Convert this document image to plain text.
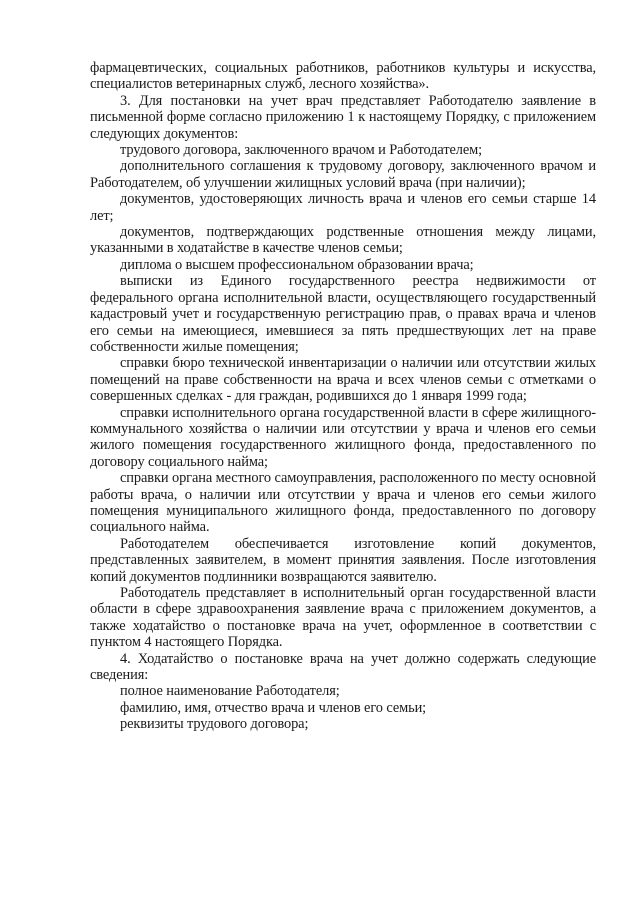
фармацевтических, социальных работников, работников культуры и искусства, специалистов ветеринарных служб, лесного хозяйства».

3. Для постановки на учет врач представляет Работодателю заявление в письменной форме согласно приложению 1 к настоящему Порядку, с приложением следующих документов:

трудового договора, заключенного врачом и Работодателем;

дополнительного соглашения к трудовому договору, заключенного врачом и Работодателем, об улучшении жилищных условий врача (при наличии);

документов, удостоверяющих личность врача и членов его семьи старше 14 лет;

документов, подтверждающих родственные отношения между лицами, указанными в ходатайстве в качестве членов семьи;

диплома о высшем профессиональном образовании врача;

выписки из Единого государственного реестра недвижимости от федерального органа исполнительной власти, осуществляющего государственный кадастровый учет и государственную регистрацию прав, о правах врача и членов его семьи на имеющиеся, имевшиеся за пять предшествующих лет на праве собственности жилые помещения;

справки бюро технической инвентаризации о наличии или отсутствии жилых помещений на праве собственности на врача и всех членов семьи с отметками о совершенных сделках - для граждан, родившихся до 1 января 1999 года;

справки исполнительного органа государственной власти в сфере жилищного-коммунального хозяйства о наличии или отсутствии у врача и членов его семьи жилого помещения государственного жилищного фонда, предоставленного по договору социального найма;

справки органа местного самоуправления, расположенного по месту основной работы врача, о наличии или отсутствии у врача и членов его семьи жилого помещения муниципального жилищного фонда, предоставленного по договору социального найма.

Работодателем обеспечивается изготовление копий документов, представленных заявителем, в момент принятия заявления. После изготовления копий документов подлинники возвращаются заявителю.

Работодатель представляет в исполнительный орган государственной власти области в сфере здравоохранения заявление врача с приложением документов, а также ходатайство о постановке врача на учет, оформленное в соответствии с пунктом 4 настоящего Порядка.

4. Ходатайство о постановке врача на учет должно содержать следующие сведения:

полное наименование Работодателя;

фамилию, имя, отчество врача и членов его семьи;

реквизиты трудового договора;
